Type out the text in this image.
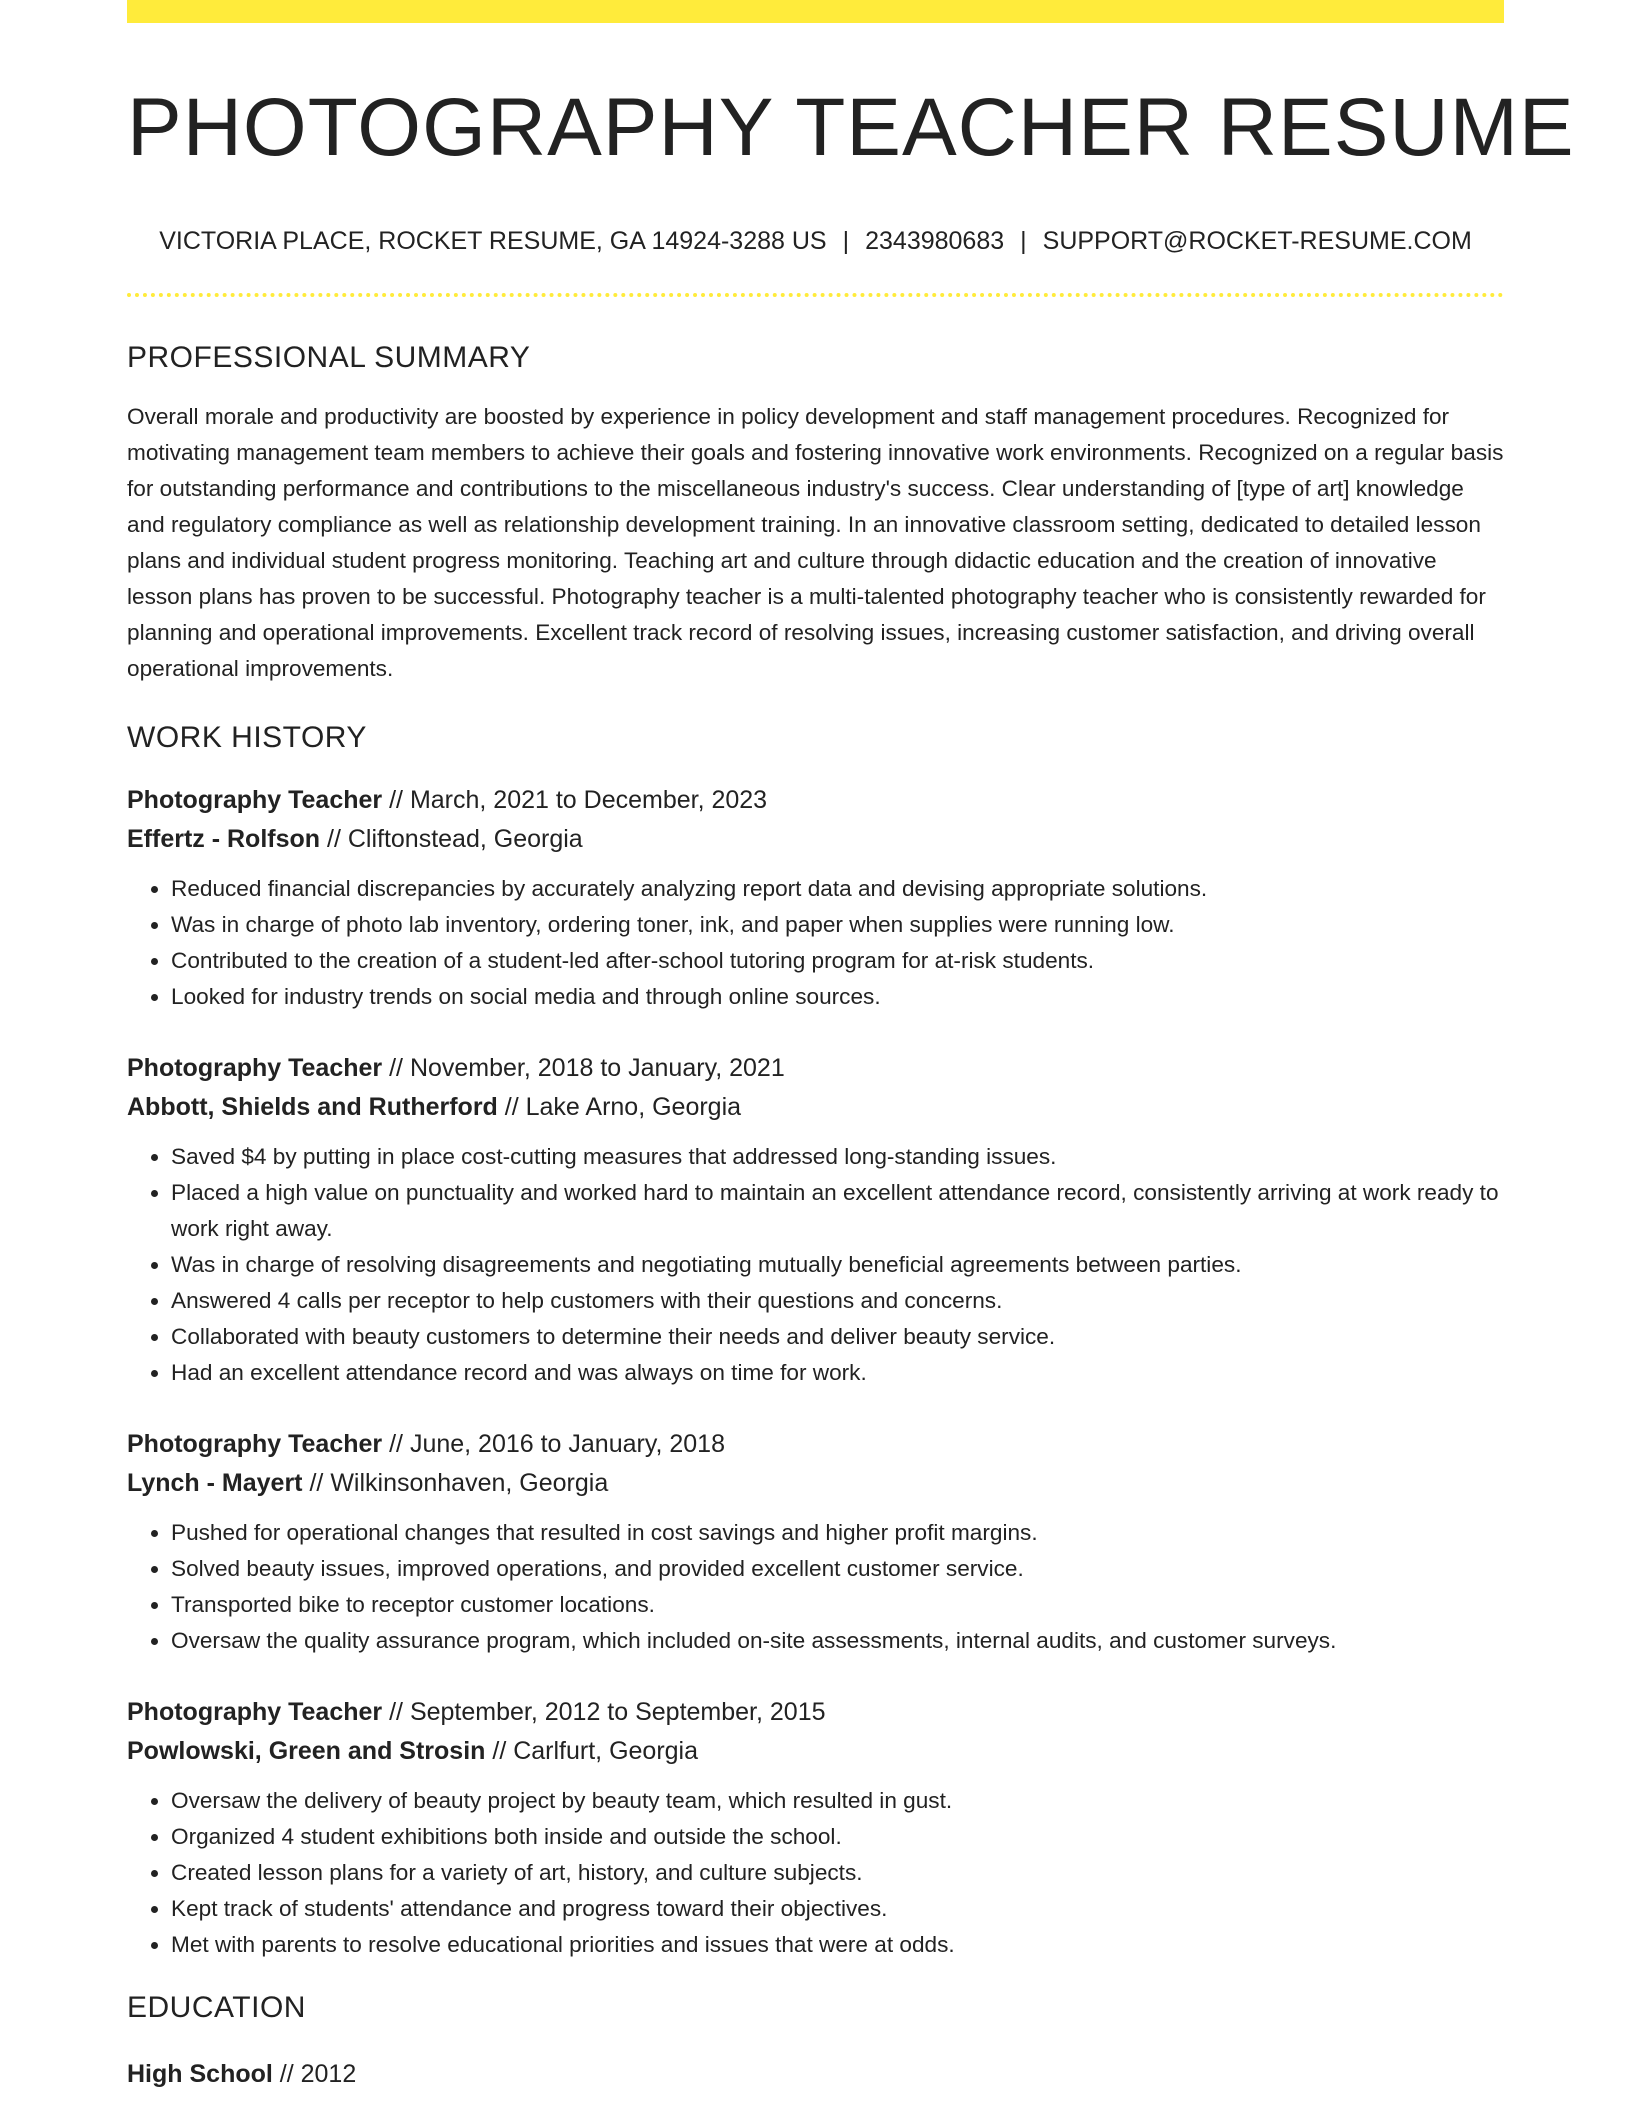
PHOTOGRAPHY TEACHER RESUME
VICTORIA PLACE, ROCKET RESUME, GA 14924-3288 US | 2343980683 | SUPPORT@ROCKET-RESUME.COM
PROFESSIONAL SUMMARY
Overall morale and productivity are boosted by experience in policy development and staff management procedures. Recognized for motivating management team members to achieve their goals and fostering innovative work environments. Recognized on a regular basis for outstanding performance and contributions to the miscellaneous industry's success. Clear understanding of [type of art] knowledge and regulatory compliance as well as relationship development training. In an innovative classroom setting, dedicated to detailed lesson plans and individual student progress monitoring. Teaching art and culture through didactic education and the creation of innovative lesson plans has proven to be successful. Photography teacher is a multi-talented photography teacher who is consistently rewarded for planning and operational improvements. Excellent track record of resolving issues, increasing customer satisfaction, and driving overall operational improvements.
WORK HISTORY
Photography Teacher // March, 2021 to December, 2023
Effertz - Rolfson // Cliftonstead, Georgia
• Reduced financial discrepancies by accurately analyzing report data and devising appropriate solutions.
• Was in charge of photo lab inventory, ordering toner, ink, and paper when supplies were running low.
• Contributed to the creation of a student-led after-school tutoring program for at-risk students.
• Looked for industry trends on social media and through online sources.
Photography Teacher // November, 2018 to January, 2021
Abbott, Shields and Rutherford // Lake Arno, Georgia
• Saved $4 by putting in place cost-cutting measures that addressed long-standing issues.
• Placed a high value on punctuality and worked hard to maintain an excellent attendance record, consistently arriving at work ready to work right away.
• Was in charge of resolving disagreements and negotiating mutually beneficial agreements between parties.
• Answered 4 calls per receptor to help customers with their questions and concerns.
• Collaborated with beauty customers to determine their needs and deliver beauty service.
• Had an excellent attendance record and was always on time for work.
Photography Teacher // June, 2016 to January, 2018
Lynch - Mayert // Wilkinsonhaven, Georgia
• Pushed for operational changes that resulted in cost savings and higher profit margins.
• Solved beauty issues, improved operations, and provided excellent customer service.
• Transported bike to receptor customer locations.
• Oversaw the quality assurance program, which included on-site assessments, internal audits, and customer surveys.
Photography Teacher // September, 2012 to September, 2015
Powlowski, Green and Strosin // Carlfurt, Georgia
• Oversaw the delivery of beauty project by beauty team, which resulted in gust.
• Organized 4 student exhibitions both inside and outside the school.
• Created lesson plans for a variety of art, history, and culture subjects.
• Kept track of students' attendance and progress toward their objectives.
• Met with parents to resolve educational priorities and issues that were at odds.
EDUCATION
High School // 2012
